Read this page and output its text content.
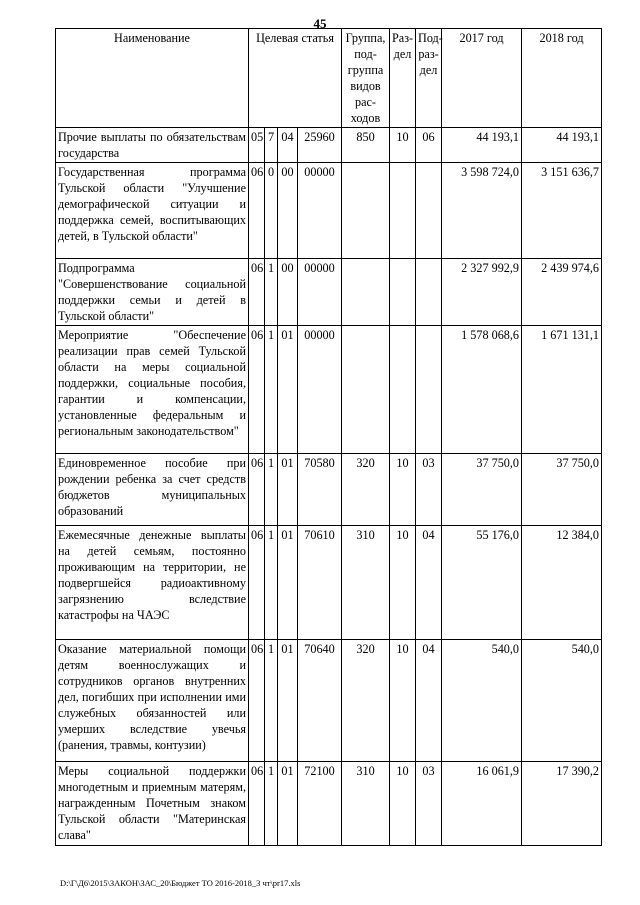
45
Наименование	Целевая статья				Группа, под-группа видов рас-ходов	Раз-дел	Под-раз-дел	2017 год	2018 год
Прочие выплаты по обязательствам государства	05	7	04	25960	850	10	06	44 193,1	44 193,1
Государственная программа Тульской области "Улучшение демографической ситуации и поддержка семей, воспитывающих детей, в Тульской области"	06	0	00	00000				3 598 724,0	3 151 636,7
Подпрограмма "Совершенствование социальной поддержки семьи и детей в Тульской области"	06	1	00	00000				2 327 992,9	2 439 974,6
Мероприятие "Обеспечение реализации прав семей Тульской области на меры социальной поддержки, социальные пособия, гарантии и компенсации, установленные федеральным и региональным законодательством"	06	1	01	00000				1 578 068,6	1 671 131,1
Единовременное пособие при рождении ребенка за счет средств бюджетов муниципальных образований	06	1	01	70580	320	10	03	37 750,0	37 750,0
Ежемесячные денежные выплаты на детей семьям, постоянно проживающим на территории, не подвергшейся радиоактивному загрязнению вследствие катастрофы на ЧАЭС	06	1	01	70610	310	10	04	55 176,0	12 384,0
Оказание материальной помощи детям военнослужащих и сотрудников органов внутренних дел, погибших при исполнении ими служебных обязанностей или умерших вследствие увечья (ранения, травмы, контузии)	06	1	01	70640	320	10	04	540,0	540,0
Меры социальной поддержки многодетным и приемным матерям, награжденным Почетным знаком Тульской области "Материнская слава"	06	1	01	72100	310	10	03	16 061,9	17 390,2
D:\Г\Д6\2015\ЗАКОН\ЗАС_20\Бюджет ТО 2016-2018_3 чт\pr17.xls
